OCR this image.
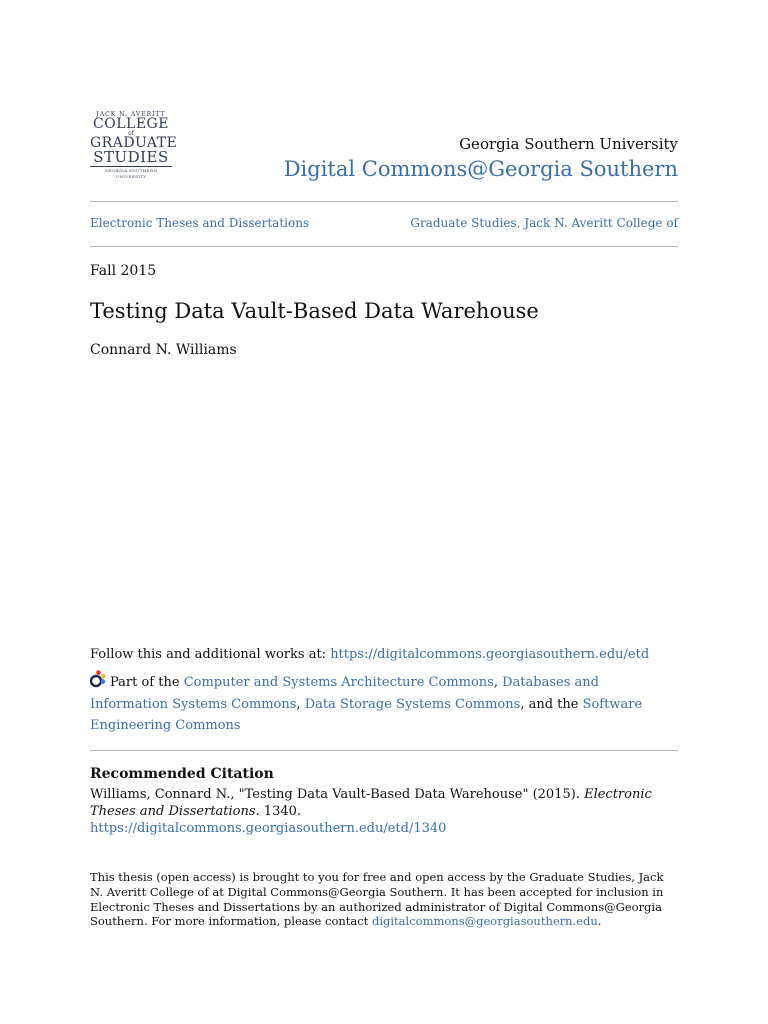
JACK N. AVERITT
COLLEGE
of
GRADUATE
STUDIES
GEORGIA SOUTHERN UNIVERSITY
Georgia Southern University
Digital Commons@Georgia Southern
Electronic Theses and Dissertations	Graduate Studies, Jack N. Averitt College of
Fall 2015
Testing Data Vault-Based Data Warehouse
Connard N. Williams
Follow this and additional works at: https://digitalcommons.georgiasouthern.edu/etd
Part of the Computer and Systems Architecture Commons, Databases and Information Systems Commons, Data Storage Systems Commons, and the Software Engineering Commons
Recommended Citation
Williams, Connard N., "Testing Data Vault-Based Data Warehouse" (2015). Electronic Theses and Dissertations. 1340.
https://digitalcommons.georgiasouthern.edu/etd/1340
This thesis (open access) is brought to you for free and open access by the Graduate Studies, Jack N. Averitt College of at Digital Commons@Georgia Southern. It has been accepted for inclusion in Electronic Theses and Dissertations by an authorized administrator of Digital Commons@Georgia Southern. For more information, please contact digitalcommons@georgiasouthern.edu.
